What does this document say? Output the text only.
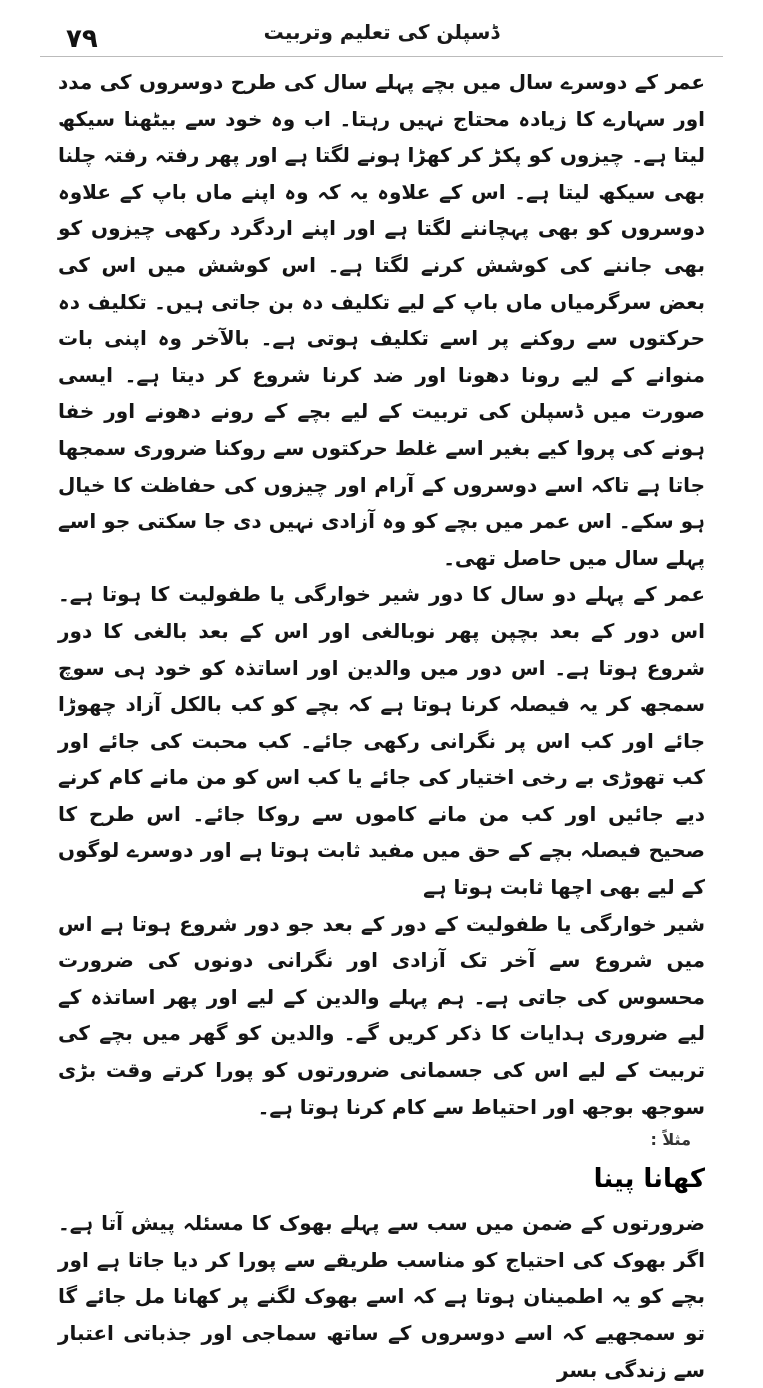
۷۹	ڈسپلن کی تعلیم وتربیت

عمر کے دوسرے سال میں بچے پہلے سال کی طرح دوسروں کی مدد اور سہارے کا زیادہ محتاج نہیں رہتا۔ اب وہ خود سے بیٹھنا سیکھ لیتا ہے۔ چیزوں کو پکڑ کر کھڑا ہونے لگتا ہے اور پھر رفتہ رفتہ چلنا بھی سیکھ لیتا ہے۔ اس کے علاوہ یہ کہ وہ اپنے ماں باپ کے علاوہ دوسروں کو بھی پہچاننے لگتا ہے اور اپنے اردگرد رکھی چیزوں کو بھی جاننے کی کوشش کرنے لگتا ہے۔ اس کوشش میں اس کی بعض سرگرمیاں ماں باپ کے لیے تکلیف دہ بن جاتی ہیں۔ تکلیف دہ حرکتوں سے روکنے پر اسے تکلیف ہوتی ہے۔ بالآخر وہ اپنی بات منوانے کے لیے رونا دھونا اور ضد کرنا شروع کر دیتا ہے۔ ایسی صورت میں ڈسپلن کی تربیت کے لیے بچے کے رونے دھونے اور خفا ہونے کی پروا کیے بغیر اسے غلط حرکتوں سے روکنا ضروری سمجھا جاتا ہے تاکہ اسے دوسروں کے آرام اور چیزوں کی حفاظت کا خیال ہو سکے۔ اس عمر میں بچے کو وہ آزادی نہیں دی جا سکتی جو اسے پہلے سال میں حاصل تھی۔

عمر کے پہلے دو سال کا دور شیر خوارگی یا طفولیت کا ہوتا ہے۔ اس دور کے بعد بچپن پھر نوبالغی اور اس کے بعد بالغی کا دور شروع ہوتا ہے۔ اس دور میں والدین اور اساتذہ کو خود ہی سوچ سمجھ کر یہ فیصلہ کرنا ہوتا ہے کہ بچے کو کب بالکل آزاد چھوڑا جائے اور کب اس پر نگرانی رکھی جائے۔ کب محبت کی جائے اور کب تھوڑی بے رخی اختیار کی جائے یا کب اس کو من مانے کام کرنے دیے جائیں اور کب من مانے کاموں سے روکا جائے۔ اس طرح کا صحیح فیصلہ بچے کے حق میں مفید ثابت ہوتا ہے اور دوسرے لوگوں کے لیے بھی اچھا ثابت ہوتا ہے

شیر خوارگی یا طفولیت کے دور کے بعد جو دور شروع ہوتا ہے اس میں شروع سے آخر تک آزادی اور نگرانی دونوں کی ضرورت محسوس کی جاتی ہے۔ ہم پہلے والدین کے لیے اور پھر اساتذہ کے لیے ضروری ہدایات کا ذکر کریں گے۔ والدین کو گھر میں بچے کی تربیت کے لیے اس کی جسمانی ضرورتوں کو پورا کرتے وقت بڑی سوجھ بوجھ اور احتیاط سے کام کرنا ہوتا ہے۔

مثلاً :

کھانا پینا

ضرورتوں کے ضمن میں سب سے پہلے بھوک کا مسئلہ پیش آتا ہے۔ اگر بھوک کی احتیاج کو مناسب طریقے سے پورا کر دیا جاتا ہے اور بچے کو یہ اطمینان ہوتا ہے کہ اسے بھوک لگنے پر کھانا مل جائے گا تو سمجھیے کہ اسے دوسروں کے ساتھ سماجی اور جذباتی اعتبار سے زندگی بسر
